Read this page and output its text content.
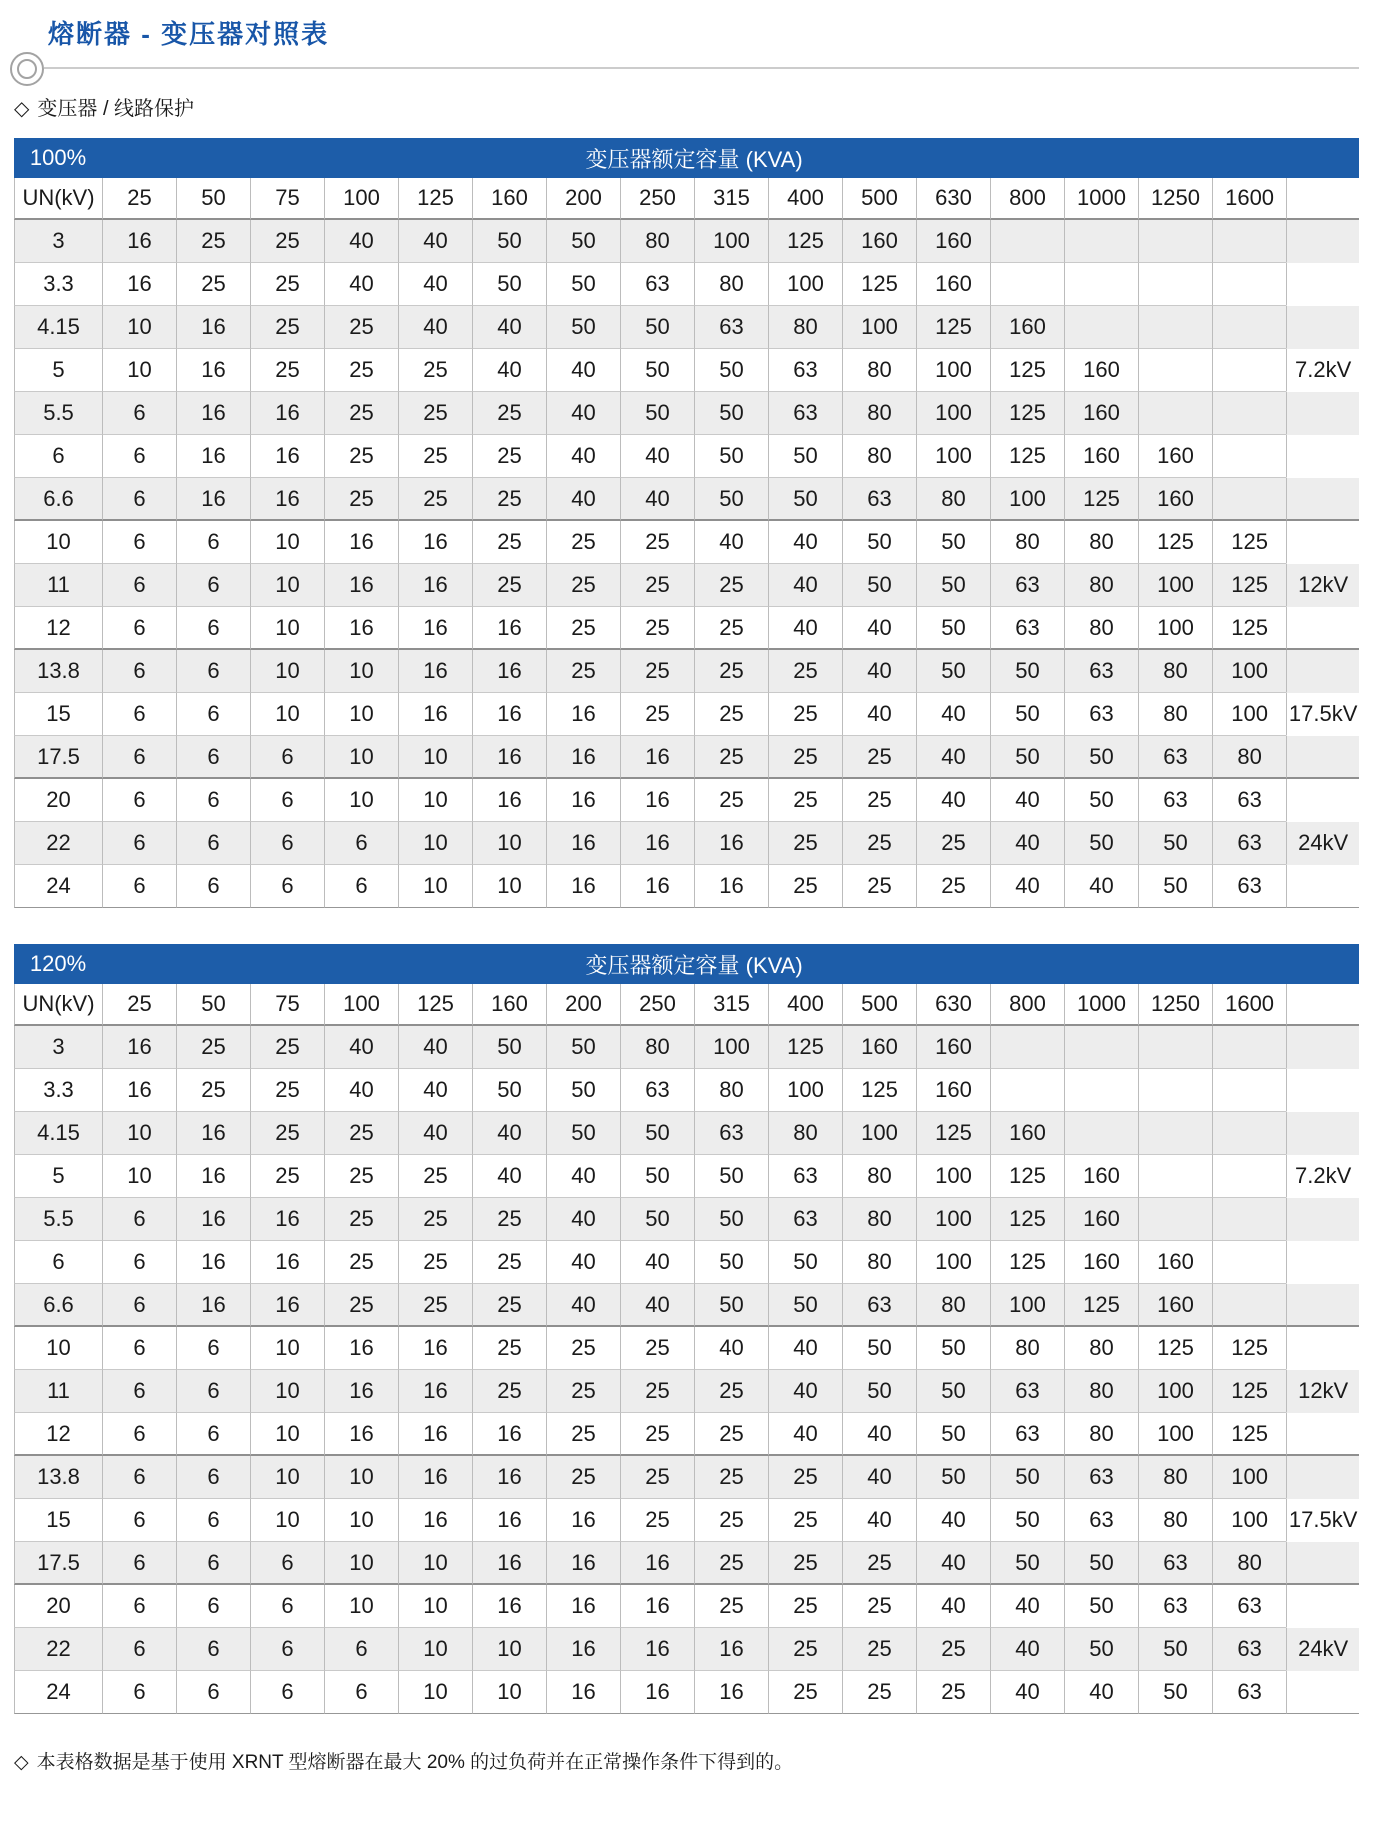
熔断器 - 变压器对照表
◇ 变压器 / 线路保护
100%	变压器额定容量 (KVA)																
UN(kV)	25	50	75	100	125	160	200	250	315	400	500	630	800	1000	1250	1600	
3	16	25	25	40	40	50	50	80	100	125	160	160					
3.3	16	25	25	40	40	50	50	63	80	100	125	160					
4.15	10	16	25	25	40	40	50	50	63	80	100	125	160				
5	10	16	25	25	25	40	40	50	50	63	80	100	125	160			7.2kV
5.5	6	16	16	25	25	25	40	50	50	63	80	100	125	160			
6	6	16	16	25	25	25	40	40	50	50	80	100	125	160	160		
6.6	6	16	16	25	25	25	40	40	50	50	63	80	100	125	160		
10	6	6	10	16	16	25	25	25	40	40	50	50	80	80	125	125	
11	6	6	10	16	16	25	25	25	25	40	50	50	63	80	100	125	12kV
12	6	6	10	16	16	16	25	25	25	40	40	50	63	80	100	125	
13.8	6	6	10	10	16	16	25	25	25	25	40	50	50	63	80	100	
15	6	6	10	10	16	16	16	25	25	25	40	40	50	63	80	100	17.5kV
17.5	6	6	6	10	10	16	16	16	25	25	25	40	50	50	63	80	
20	6	6	6	10	10	16	16	16	25	25	25	40	40	50	63	63	
22	6	6	6	6	10	10	16	16	16	25	25	25	40	50	50	63	24kV
24	6	6	6	6	10	10	16	16	16	25	25	25	40	40	50	63	
120%	变压器额定容量 (KVA)																
UN(kV)	25	50	75	100	125	160	200	250	315	400	500	630	800	1000	1250	1600	
3	16	25	25	40	40	50	50	80	100	125	160	160					
3.3	16	25	25	40	40	50	50	63	80	100	125	160					
4.15	10	16	25	25	40	40	50	50	63	80	100	125	160				
5	10	16	25	25	25	40	40	50	50	63	80	100	125	160			7.2kV
5.5	6	16	16	25	25	25	40	50	50	63	80	100	125	160			
6	6	16	16	25	25	25	40	40	50	50	80	100	125	160	160		
6.6	6	16	16	25	25	25	40	40	50	50	63	80	100	125	160		
10	6	6	10	16	16	25	25	25	40	40	50	50	80	80	125	125	
11	6	6	10	16	16	25	25	25	25	40	50	50	63	80	100	125	12kV
12	6	6	10	16	16	16	25	25	25	40	40	50	63	80	100	125	
13.8	6	6	10	10	16	16	25	25	25	25	40	50	50	63	80	100	
15	6	6	10	10	16	16	16	25	25	25	40	40	50	63	80	100	17.5kV
17.5	6	6	6	10	10	16	16	16	25	25	25	40	50	50	63	80	
20	6	6	6	10	10	16	16	16	25	25	25	40	40	50	63	63	
22	6	6	6	6	10	10	16	16	16	25	25	25	40	50	50	63	24kV
24	6	6	6	6	10	10	16	16	16	25	25	25	40	40	50	63	
◇ 本表格数据是基于使用 XRNT 型熔断器在最大 20% 的过负荷并在正常操作条件下得到的。
